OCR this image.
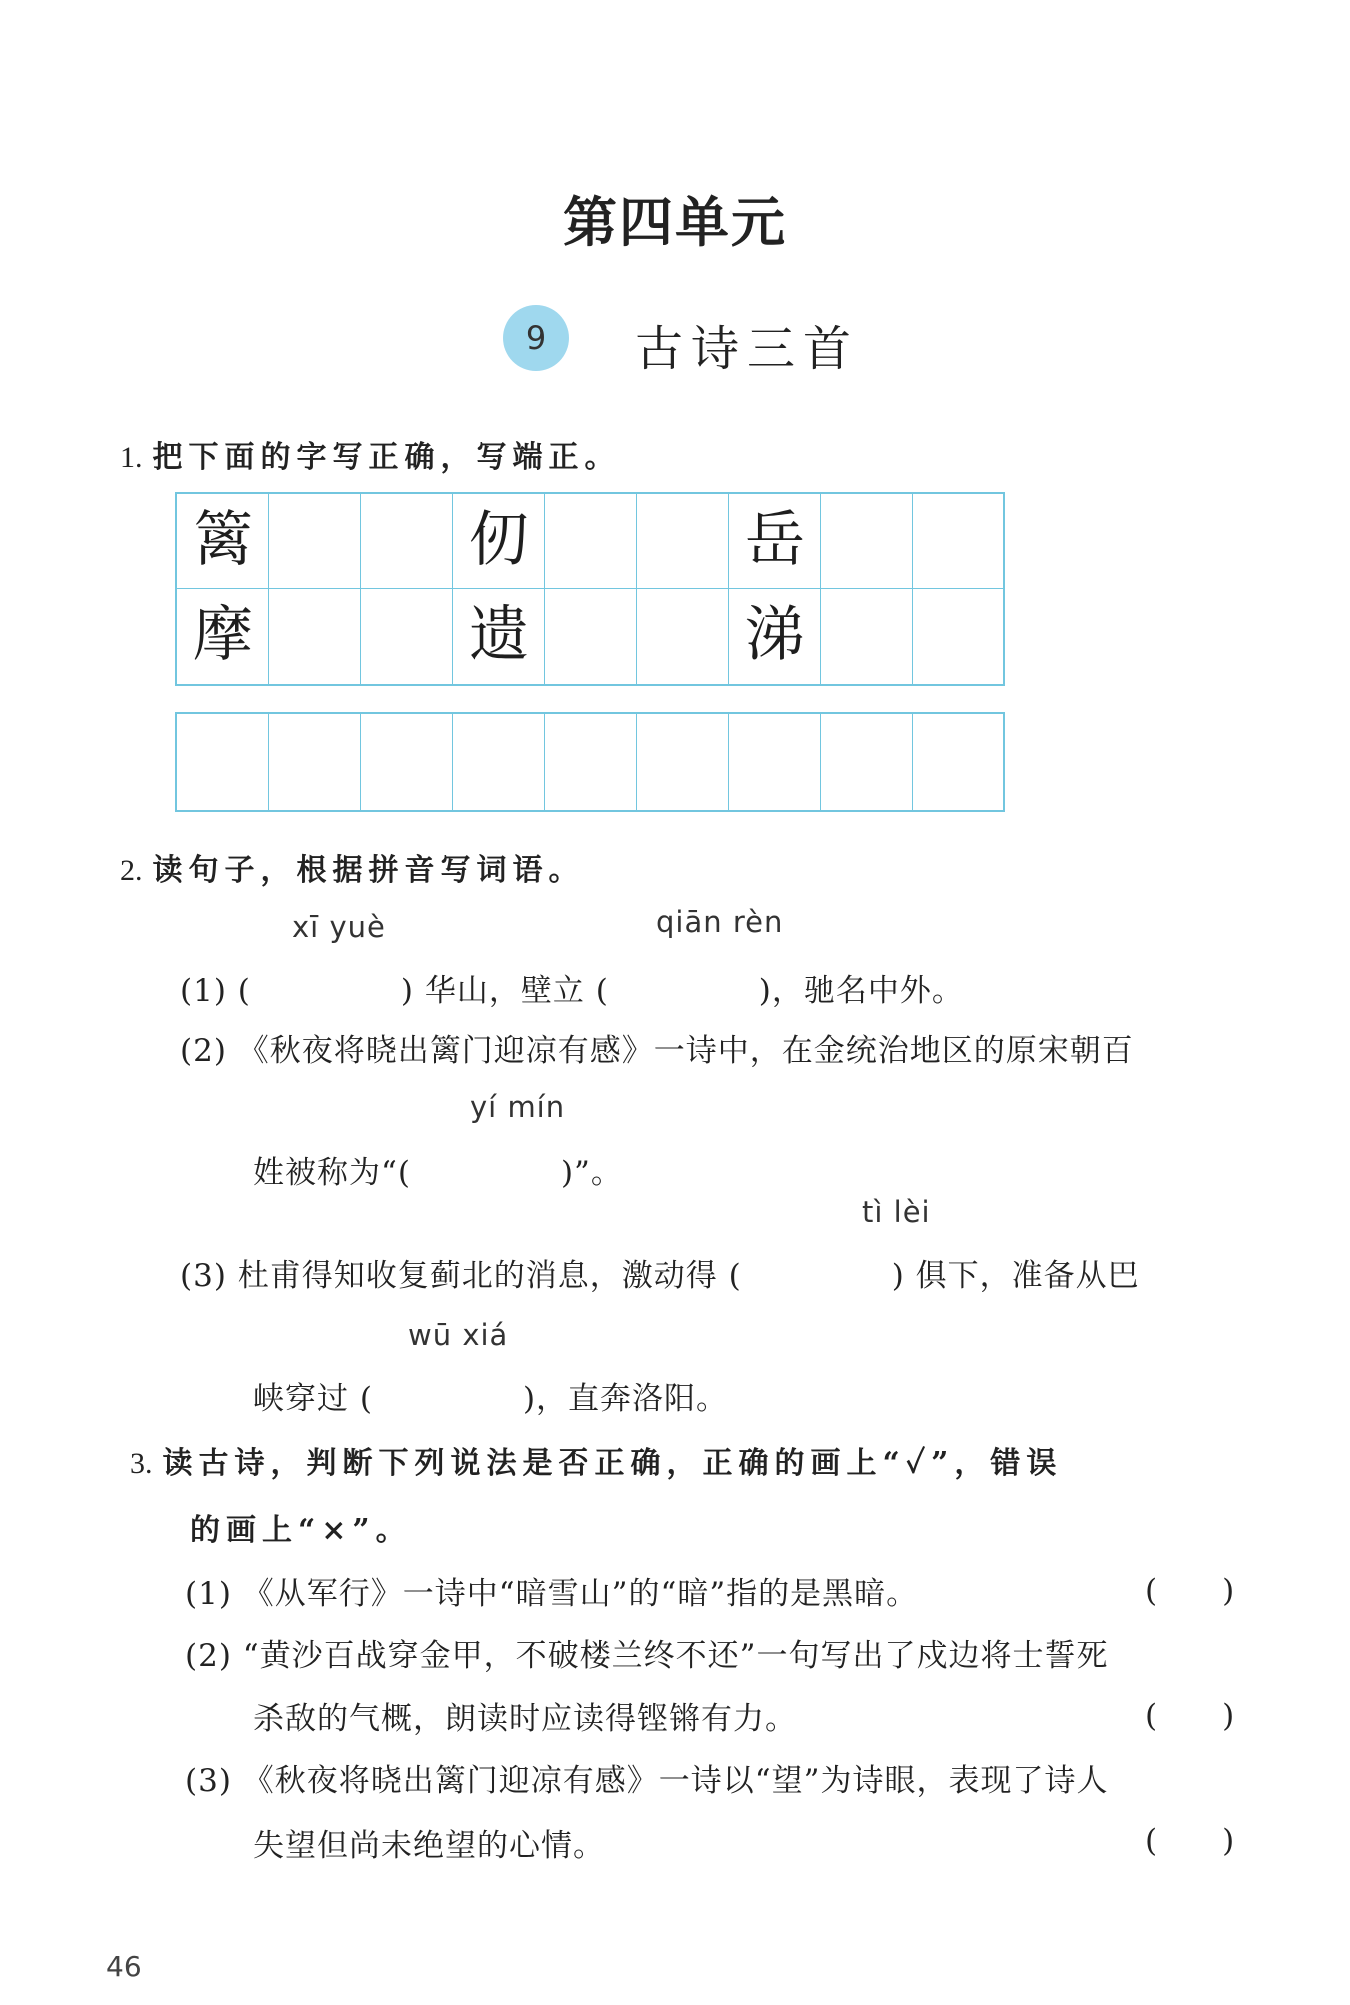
第四单元
9	古诗三首
1. 把下面的字写正确，写端正。
篱	仞	岳
摩	遗	涕
2. 读句子，根据拼音写词语。
xī yuè	qiān rèn
(1) (	) 华山，壁立 (	)，驰名中外。
(2) 《秋夜将晓出篱门迎凉有感》一诗中，在金统治地区的原宋朝百
yí mín
姓被称为“(	)”。
tì lèi
(3) 杜甫得知收复蓟北的消息，激动得 (	) 俱下，准备从巴
wū xiá
峡穿过 (	)，直奔洛阳。
3. 读古诗，判断下列说法是否正确，正确的画上“✓”，错误
的画上“×”。
(1) 《从军行》一诗中“暗雪山”的“暗”指的是黑暗。	(　　)
(2) “黄沙百战穿金甲，不破楼兰终不还”一句写出了戍边将士誓死
杀敌的气概，朗读时应读得铿锵有力。	(　　)
(3) 《秋夜将晓出篱门迎凉有感》一诗以“望”为诗眼，表现了诗人
失望但尚未绝望的心情。	(　　)
46
